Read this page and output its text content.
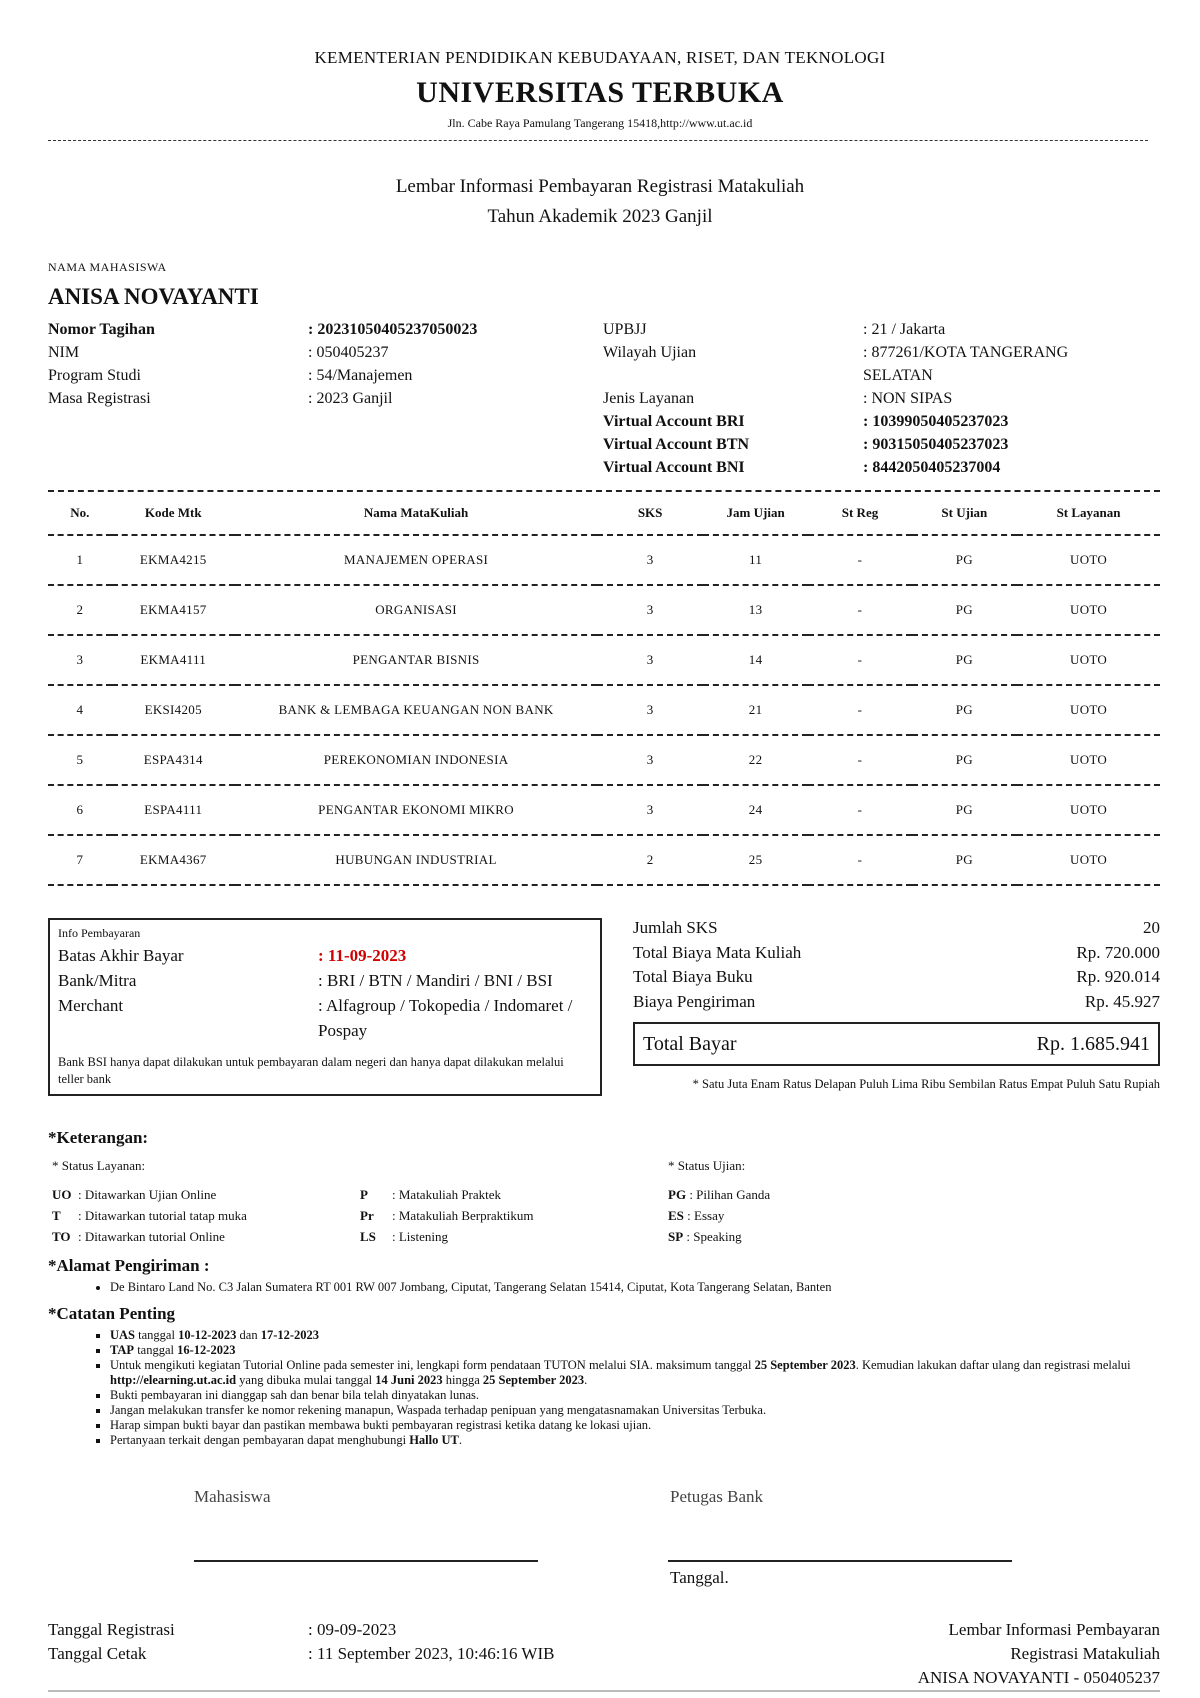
KEMENTERIAN PENDIDIKAN KEBUDAYAAN, RISET, DAN TEKNOLOGI
UNIVERSITAS TERBUKA
Jln. Cabe Raya Pamulang Tangerang 15418,http://www.ut.ac.id
Lembar Informasi Pembayaran Registrasi Matakuliah
Tahun Akademik 2023 Ganjil
NAMA MAHASISWA
ANISA NOVAYANTI
Nomor Tagihan	: 20231050405237050023
NIM	: 050405237
Program Studi	: 54/Manajemen
Masa Registrasi	: 2023 Ganjil
UPBJJ	: 21 / Jakarta
Wilayah Ujian	: 877261/KOTA TANGERANG
SELATAN
Jenis Layanan	: NON SIPAS
Virtual Account BRI	: 10399050405237023
Virtual Account BTN	: 90315050405237023
Virtual Account BNI	: 8442050405237004
No.	Kode Mtk	Nama MataKuliah	SKS	Jam Ujian	St Reg	St Ujian	St Layanan
1	EKMA4215	MANAJEMEN OPERASI	3	11	-	PG	UOTO
2	EKMA4157	ORGANISASI	3	13	-	PG	UOTO
3	EKMA4111	PENGANTAR BISNIS	3	14	-	PG	UOTO
4	EKSI4205	BANK & LEMBAGA KEUANGAN NON BANK	3	21	-	PG	UOTO
5	ESPA4314	PEREKONOMIAN INDONESIA	3	22	-	PG	UOTO
6	ESPA4111	PENGANTAR EKONOMI MIKRO	3	24	-	PG	UOTO
7	EKMA4367	HUBUNGAN INDUSTRIAL	2	25	-	PG	UOTO
Info Pembayaran
Batas Akhir Bayar	: 11-09-2023
Bank/Mitra	: BRI / BTN / Mandiri / BNI / BSI
Merchant	: Alfagroup / Tokopedia / Indomaret /
Pospay
Bank BSI hanya dapat dilakukan untuk pembayaran dalam negeri dan hanya dapat dilakukan melalui teller bank
Jumlah SKS	20
Total Biaya Mata Kuliah	Rp. 720.000
Total Biaya Buku	Rp. 920.014
Biaya Pengiriman	Rp. 45.927
Total Bayar	Rp. 1.685.941
* Satu Juta Enam Ratus Delapan Puluh Lima Ribu Sembilan Ratus Empat Puluh Satu Rupiah
*Keterangan:
* Status Layanan:	* Status Ujian:
UO : Ditawarkan Ujian Online
T : Ditawarkan tutorial tatap muka
TO : Ditawarkan tutorial Online
P : Matakuliah Praktek
Pr : Matakuliah Berpraktikum
LS : Listening
PG : Pilihan Ganda
ES : Essay
SP : Speaking
*Alamat Pengiriman :
• De Bintaro Land No. C3 Jalan Sumatera RT 001 RW 007 Jombang, Ciputat, Tangerang Selatan 15414, Ciputat, Kota Tangerang Selatan, Banten
*Catatan Penting
▪ UAS tanggal 10-12-2023 dan 17-12-2023
▪ TAP tanggal 16-12-2023
▪ Untuk mengikuti kegiatan Tutorial Online pada semester ini, lengkapi form pendataan TUTON melalui SIA. maksimum tanggal 25 September 2023. Kemudian lakukan daftar ulang dan registrasi melalui http://elearning.ut.ac.id yang dibuka mulai tanggal 14 Juni 2023 hingga 25 September 2023.
▪ Bukti pembayaran ini dianggap sah dan benar bila telah dinyatakan lunas.
▪ Jangan melakukan transfer ke nomor rekening manapun, Waspada terhadap penipuan yang mengatasnamakan Universitas Terbuka.
▪ Harap simpan bukti bayar dan pastikan membawa bukti pembayaran registrasi ketika datang ke lokasi ujian.
▪ Pertanyaan terkait dengan pembayaran dapat menghubungi Hallo UT.
Mahasiswa	Petugas Bank
Tanggal.
Tanggal Registrasi	: 09-09-2023
Tanggal Cetak	: 11 September 2023, 10:46:16 WIB
Lembar Informasi Pembayaran
Registrasi Matakuliah
ANISA NOVAYANTI - 050405237
